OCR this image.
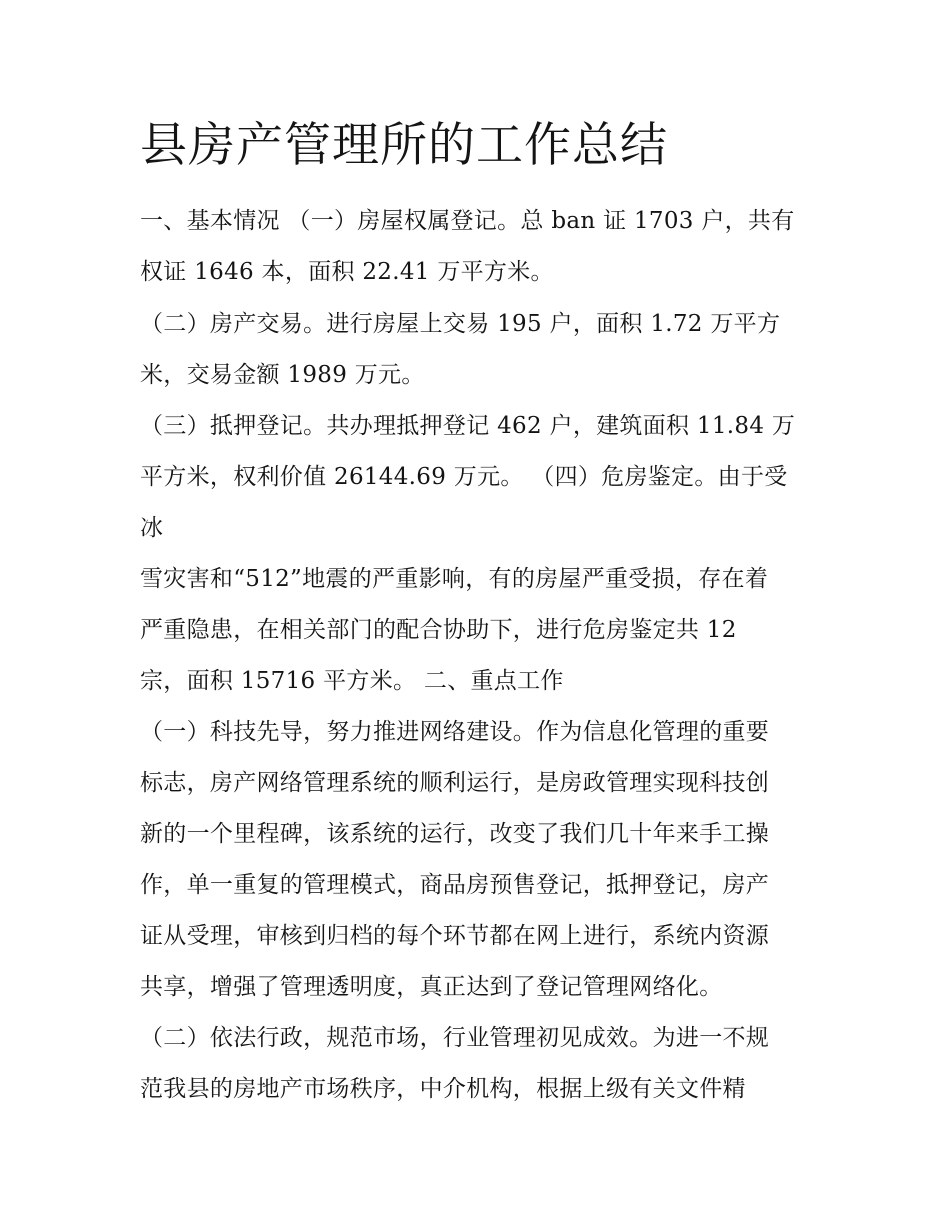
县房产管理所的工作总结
一、基本情况 （一）房屋权属登记。总 ban 证 1703 户，共有
权证 1646 本，面积 22.41 万平方米。
（二）房产交易。进行房屋上交易 195 户，面积 1.72 万平方
米，交易金额 1989 万元。
（三）抵押登记。共办理抵押登记 462 户，建筑面积 11.84 万
平方米，权利价值 26144.69 万元。 （四）危房鉴定。由于受
冰
雪灾害和“512”地震的严重影响，有的房屋严重受损，存在着
严重隐患，在相关部门的配合协助下，进行危房鉴定共 12
宗，面积 15716 平方米。 二、重点工作
（一）科技先导，努力推进网络建设。作为信息化管理的重要
标志，房产网络管理系统的顺利运行，是房政管理实现科技创
新的一个里程碑，该系统的运行，改变了我们几十年来手工操
作，单一重复的管理模式，商品房预售登记，抵押登记，房产
证从受理，审核到归档的每个环节都在网上进行，系统内资源
共享，增强了管理透明度，真正达到了登记管理网络化。
（二）依法行政，规范市场，行业管理初见成效。为进一不规
范我县的房地产市场秩序，中介机构，根据上级有关文件精
